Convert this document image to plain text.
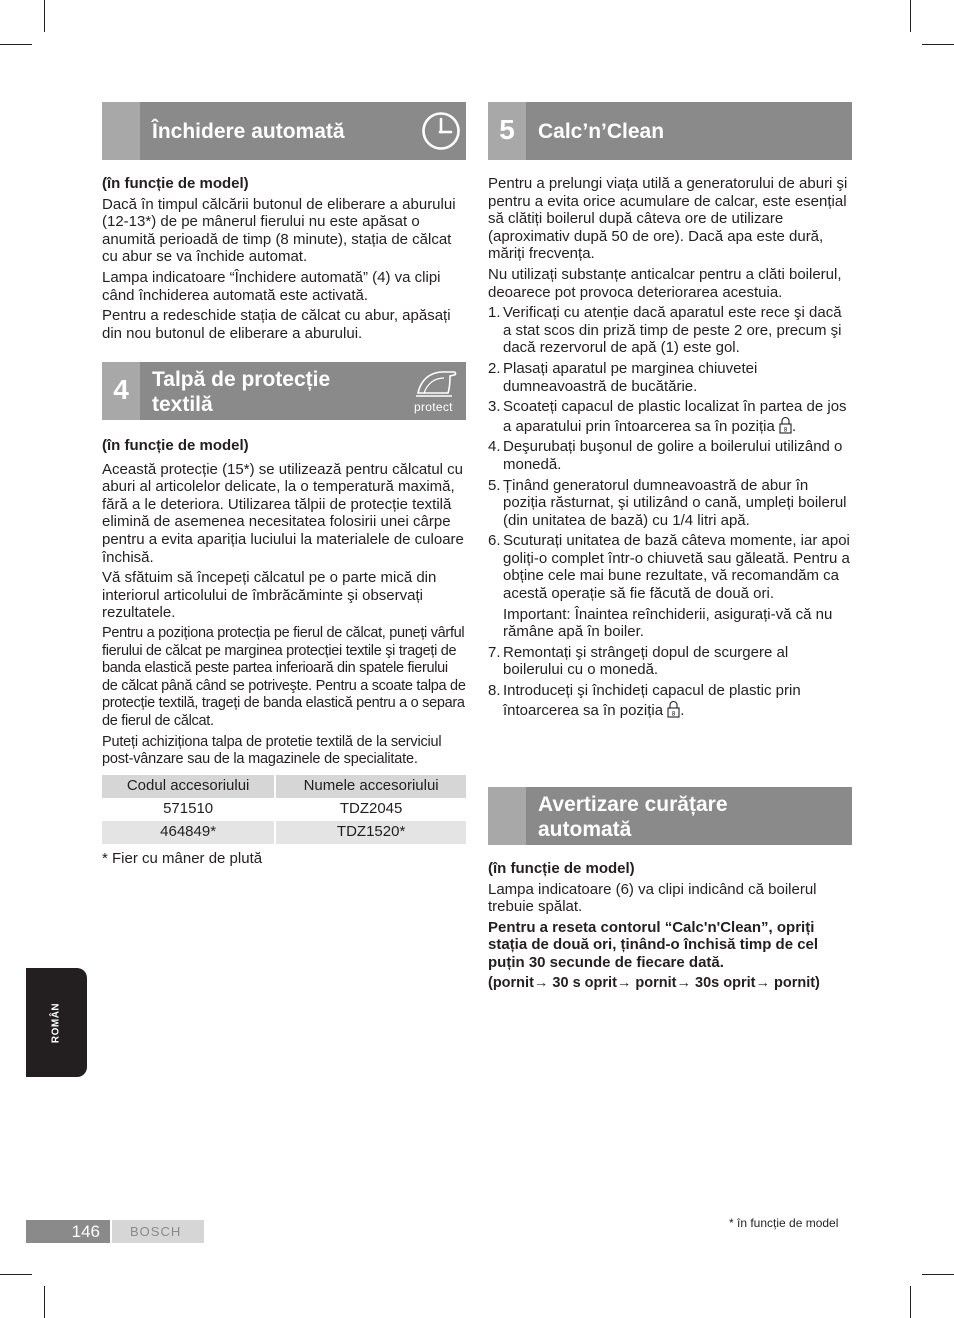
Închidere automată

(în funcție de model)

Dacă în timpul călcării butonul de eliberare a aburului (12-13*) de pe mânerul fierului nu este apăsat o anumită perioadă de timp (8 minute), stația de călcat cu abur se va închide automat.

Lampa indicatoare “Închidere automată” (4) va clipi când închiderea automată este activată.

Pentru a redeschide stația de călcat cu abur, apăsați din nou butonul de eliberare a aburului.

4	Talpă de protecție
textilă	protect

(în funcție de model)

Această protecție (15*) se utilizează pentru călcatul cu aburi al articolelor delicate, la o temperatură maximă, fără a le deteriora. Utilizarea tălpii de protecție textilă elimină de asemenea necesitatea folosirii unei cârpe pentru a evita apariția luciului la materialele de culoare închisă.

Vă sfătuim să începeți călcatul pe o parte mică din interiorul articolului de îmbrăcăminte şi observați rezultatele.

Pentru a poziționa protecția pe fierul de călcat, puneți vârful fierului de călcat pe marginea protecției textile şi trageți de banda elastică peste partea inferioară din spatele fierului de călcat până când se potriveşte. Pentru a scoate talpa de protecție textilă, trageți de banda elastică pentru a o separa de fierul de călcat.

Puteți achiziționa talpa de protetie textilă de la serviciul post-vânzare sau de la magazinele de specialitate.

Codul accesoriului	Numele accesoriului
571510	TDZ2045
464849*	TDZ1520*

* Fier cu mâner de plută

5	Calc’n’Clean

Pentru a prelungi viața utilă a generatorului de aburi şi pentru a evita orice acumulare de calcar, este esențial să clătiți boilerul după câteva ore de utilizare (aproximativ după 50 de ore). Dacă apa este dură, măriți frecvența.

Nu utilizați substanțe anticalcar pentru a clăti boilerul, deoarece pot provoca deteriorarea acestuia.

1. Verificați cu atenție dacă aparatul este rece şi dacă a stat scos din priză timp de peste 2 ore, precum şi dacă rezervorul de apă (1) este gol.
2. Plasați aparatul pe marginea chiuvetei dumneavoastră de bucătărie.
3. Scoateți capacul de plastic localizat în partea de jos a aparatului prin întoarcerea sa în poziția 8 .
4. Deşurubați buşonul de golire a boilerului utilizând o monedă.
5. Ținând generatorul dumneavoastră de abur în poziția răsturnat, şi utilizând o cană, umpleți boilerul (din unitatea de bază) cu 1/4 litri apă.
6. Scuturați unitatea de bază câteva momente, iar apoi goliți-o complet într-o chiuvetă sau găleată. Pentru a obține cele mai bune rezultate, vă recomandăm ca acestă operație să fie făcută de două ori.
Important: Înaintea reînchiderii, asigurați-vă că nu rămâne apă în boiler.
7. Remontați şi strângeți dopul de scurgere al boilerului cu o monedă.
8. Introduceți şi închideți capacul de plastic prin întoarcerea sa în poziția 8 .
Avertizare curățare automată

(în funcție de model)

Lampa indicatoare (6) va clipi indicând că boilerul trebuie spălat.

Pentru a reseta contorul “Calc'n'Clean”, opriți stația de două ori, ținând-o închisă timp de cel puțin 30 secunde de fiecare dată.

(pornit→ 30 s oprit→ pornit→ 30s oprit→ pornit)

ROMÂN
146	BOSCH
* în funcție de model
